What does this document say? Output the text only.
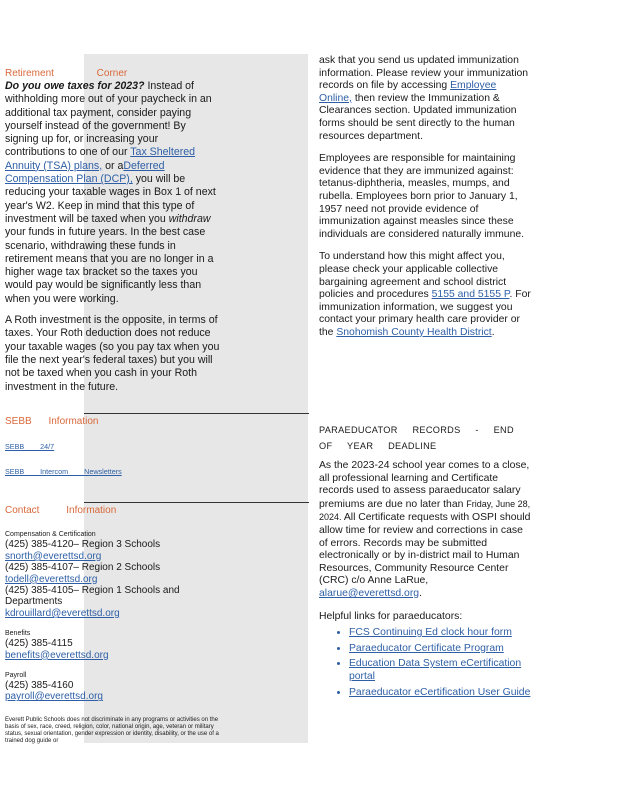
Retirement Corner

Do you owe taxes for 2023? Instead of withholding more out of your paycheck in an additional tax payment, consider paying yourself instead of the government! By signing up for, or increasing your contributions to one of our Tax Sheltered Annuity (TSA) plans, or aDeferred Compensation Plan (DCP), you will be reducing your taxable wages in Box 1 of next year's W2. Keep in mind that this type of investment will be taxed when you withdraw your funds in future years. In the best case scenario, withdrawing these funds in retirement means that you are no longer in a higher wage tax bracket so the taxes you would pay would be significantly less than when you were working.

A Roth investment is the opposite, in terms of taxes. Your Roth deduction does not reduce your taxable wages (so you pay tax when you file the next year's federal taxes) but you will not be taxed when you cash in your Roth investment in the future.

SEBB Information
SEBB 24/7
SEBB Intercom Newsletters
Contact Information
Compensation & Certification
(425) 385-4120– Region 3 Schools
snorth@everettsd.org
(425) 385-4107– Region 2 Schools
todell@everettsd.org
(425) 385-4105– Region 1 Schools and Departments
kdrouillard@everettsd.org
Benefits
(425) 385-4115
benefits@everettsd.org
Payroll
(425) 385-4160
payroll@everettsd.org
Everett Public Schools does not discriminate in any programs or activities on the basis of sex, race, creed, religion, color, national origin, age, veteran or military status, sexual orientation, gender expression or identity, disability, or the use of a trained dog guide or

ask that you send us updated immunization information. Please review your immunization records on file by accessing Employee Online, then review the Immunization & Clearances section. Updated immunization forms should be sent directly to the human resources department.

Employees are responsible for maintaining evidence that they are immunized against: tetanus-diphtheria, measles, mumps, and rubella. Employees born prior to January 1, 1957 need not provide evidence of immunization against measles since these individuals are considered naturally immune.

To understand how this might affect you, please check your applicable collective bargaining agreement and school district policies and procedures 5155 and 5155 P. For immunization information, we suggest you contact your primary health care provider or the Snohomish County Health District.

PARAEDUCATOR RECORDS - END OF YEAR DEADLINE

As the 2023-24 school year comes to a close, all professional learning and Certificate records used to assess paraeducator salary premiums are due no later than Friday, June 28, 2024. All Certificate requests with OSPI should allow time for review and corrections in case of errors. Records may be submitted electronically or by in-district mail to Human Resources, Community Resource Center (CRC) c/o Anne LaRue, alarue@everettsd.org.

Helpful links for paraeducators:
• FCS Continuing Ed clock hour form
• Paraeducator Certificate Program
• Education Data System eCertification portal
• Paraeducator eCertification User Guide
